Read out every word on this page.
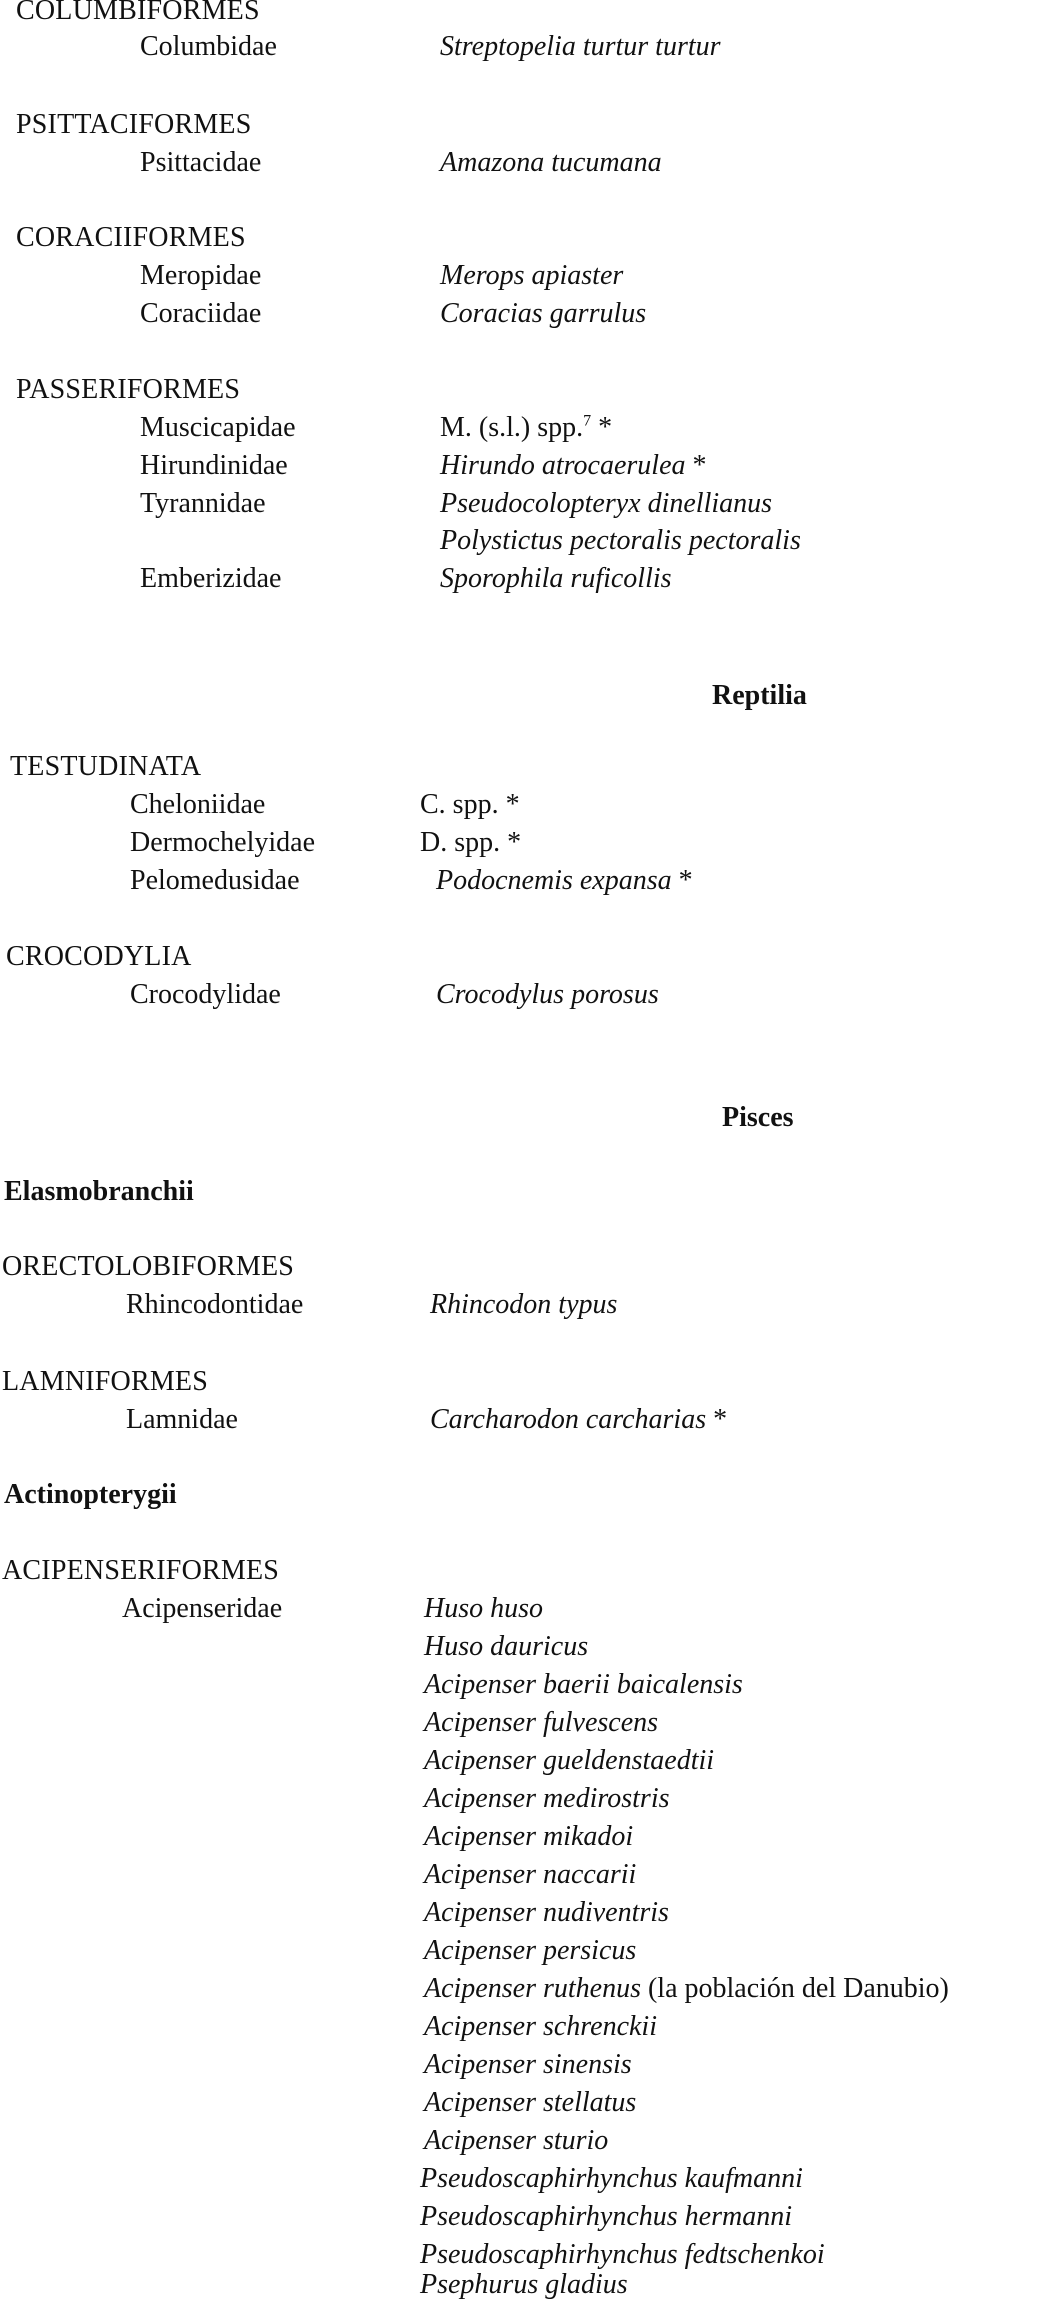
COLUMBIFORMES
Columbidae	Streptopelia turtur turtur
PSITTACIFORMES
Psittacidae	Amazona tucumana
CORACIIFORMES
Meropidae	Merops apiaster
Coraciidae	Coracias garrulus
PASSERIFORMES
Muscicapidae	M. (s.l.) spp.$^7$ *
Hirundinidae	Hirundo atrocaerulea *
Tyrannidae	Pseudocolopteryx dinellianus
Polystictus pectoralis pectoralis
Emberizidae	Sporophila ruficollis
Reptilia
TESTUDINATA
Cheloniidae	C. spp. *
Dermochelyidae	D. spp. *
Pelomedusidae	Podocnemis expansa *
CROCODYLIA
Crocodylidae	Crocodylus porosus
Pisces
Elasmobranchii
ORECTOLOBIFORMES
Rhincodontidae	Rhincodon typus
LAMNIFORMES
Lamnidae	Carcharodon carcharias *
Actinopterygii
ACIPENSERIFORMES
Acipenseridae	Huso huso
Huso dauricus
Acipenser baerii baicalensis
Acipenser fulvescens
Acipenser gueldenstaedtii
Acipenser medirostris
Acipenser mikadoi
Acipenser naccarii
Acipenser nudiventris
Acipenser persicus
Acipenser ruthenus (la población del Danubio)
Acipenser schrenckii
Acipenser sinensis
Acipenser stellatus
Acipenser sturio
Pseudoscaphirhynchus kaufmanni
Pseudoscaphirhynchus hermanni
Pseudoscaphirhynchus fedtschenkoi
Psephurus gladius
